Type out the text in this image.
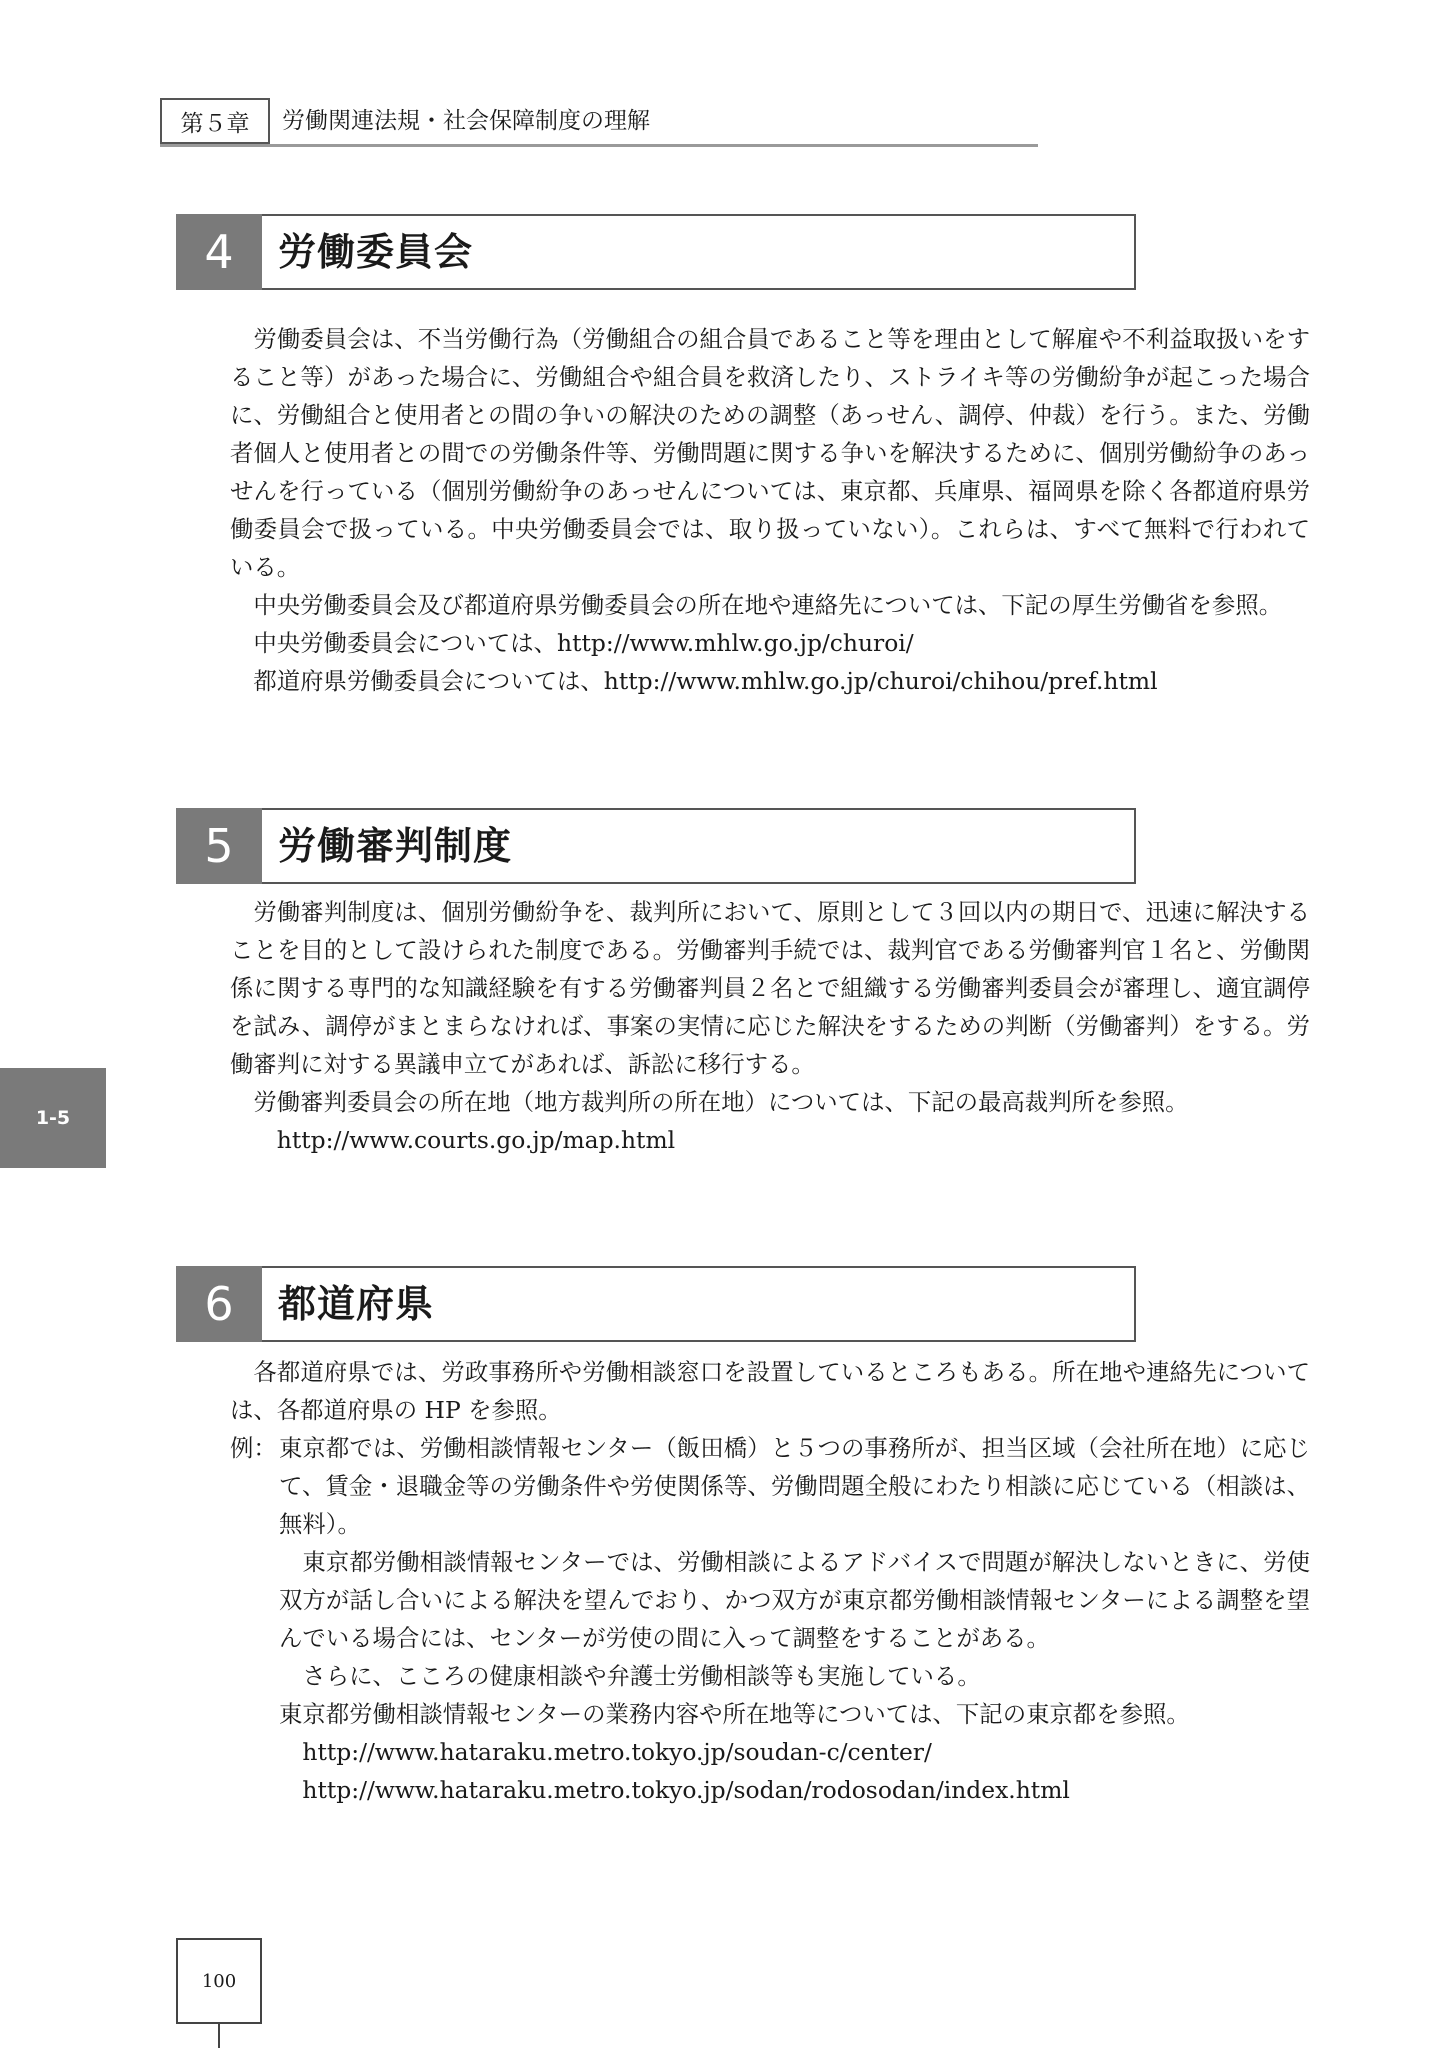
第５章	労働関連法規・社会保障制度の理解
4	労働委員会

労働委員会は、不当労働行為（労働組合の組合員であること等を理由として解雇や不利益取扱いをすること等）があった場合に、労働組合や組合員を救済したり、ストライキ等の労働紛争が起こった場合に、労働組合と使用者との間の争いの解決のための調整（あっせん、調停、仲裁）を行う。また、労働者個人と使用者との間での労働条件等、労働問題に関する争いを解決するために、個別労働紛争のあっせんを行っている（個別労働紛争のあっせんについては、東京都、兵庫県、福岡県を除く各都道府県労働委員会で扱っている。中央労働委員会では、取り扱っていない）。これらは、すべて無料で行われている。

中央労働委員会及び都道府県労働委員会の所在地や連絡先については、下記の厚生労働省を参照。

中央労働委員会については、http://www.mhlw.go.jp/churoi/

都道府県労働委員会については、http://www.mhlw.go.jp/churoi/chihou/pref.html

5	労働審判制度

労働審判制度は、個別労働紛争を、裁判所において、原則として３回以内の期日で、迅速に解決することを目的として設けられた制度である。労働審判手続では、裁判官である労働審判官１名と、労働関係に関する専門的な知識経験を有する労働審判員２名とで組織する労働審判委員会が審理し、適宜調停を試み、調停がまとまらなければ、事案の実情に応じた解決をするための判断（労働審判）をする。労働審判に対する異議申立てがあれば、訴訟に移行する。

労働審判委員会の所在地（地方裁判所の所在地）については、下記の最高裁判所を参照。

http://www.courts.go.jp/map.html

6	都道府県

各都道府県では、労政事務所や労働相談窓口を設置しているところもある。所在地や連絡先については、各都道府県の HP を参照。

例： 東京都では、労働相談情報センター（飯田橋）と５つの事務所が、担当区域（会社所在地）に応じて、賃金・退職金等の労働条件や労使関係等、労働問題全般にわたり相談に応じている（相談は、無料）。

東京都労働相談情報センターでは、労働相談によるアドバイスで問題が解決しないときに、労使双方が話し合いによる解決を望んでおり、かつ双方が東京都労働相談情報センターによる調整を望んでいる場合には、センターが労使の間に入って調整をすることがある。

さらに、こころの健康相談や弁護士労働相談等も実施している。

東京都労働相談情報センターの業務内容や所在地等については、下記の東京都を参照。

http://www.hataraku.metro.tokyo.jp/soudan-c/center/

http://www.hataraku.metro.tokyo.jp/sodan/rodosodan/index.html

1-5
100
